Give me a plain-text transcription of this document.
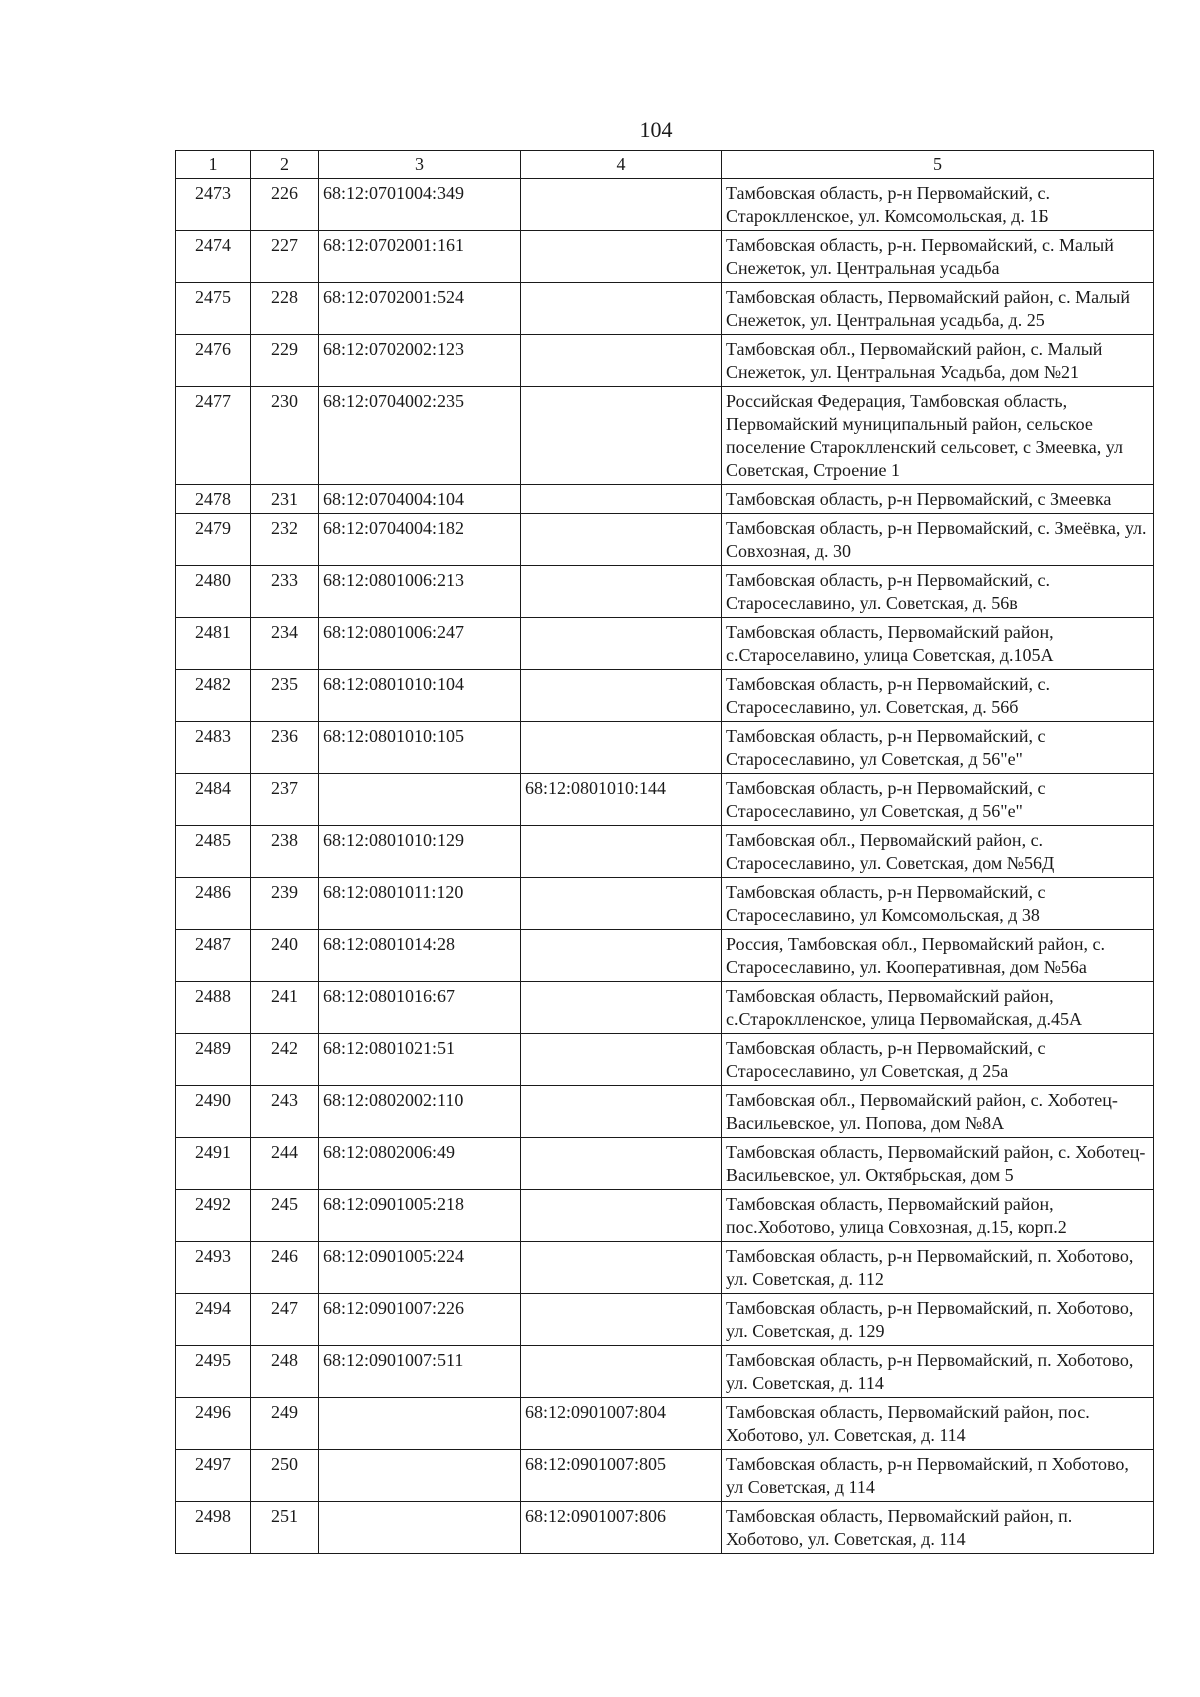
104
1	2	3	4	5
2473	226	68:12:0701004:349		Тамбовская область, р-н Первомайский, с. Староклленское, ул. Комсомольская, д. 1Б
2474	227	68:12:0702001:161		Тамбовская область, р-н. Первомайский, с. Малый Снежеток, ул. Центральная усадьба
2475	228	68:12:0702001:524		Тамбовская область, Первомайский район, с. Малый Снежеток, ул. Центральная усадьба, д. 25
2476	229	68:12:0702002:123		Тамбовская обл., Первомайский район, с. Малый Снежеток, ул. Центральная Усадьба, дом №21
2477	230	68:12:0704002:235		Российская Федерация, Тамбовская область, Первомайский муниципальный район, сельское поселение Староклленский сельсовет, с Змеевка, ул Советская, Строение 1
2478	231	68:12:0704004:104		Тамбовская область, р-н Первомайский, с Змеевка
2479	232	68:12:0704004:182		Тамбовская область, р-н Первомайский, с. Змеёвка, ул. Совхозная, д. 30
2480	233	68:12:0801006:213		Тамбовская область, р-н Первомайский, с. Старосеславино, ул. Советская, д. 56в
2481	234	68:12:0801006:247		Тамбовская область, Первомайский район, с.Староселавино, улица Советская, д.105А
2482	235	68:12:0801010:104		Тамбовская область, р-н Первомайский, с. Старосеславино, ул. Советская, д. 56б
2483	236	68:12:0801010:105		Тамбовская область, р-н Первомайский, с Старосеславино, ул Советская, д 56"е"
2484	237		68:12:0801010:144	Тамбовская область, р-н Первомайский, с Старосеславино, ул Советская, д 56"е"
2485	238	68:12:0801010:129		Тамбовская обл., Первомайский район, с. Старосеславино, ул. Советская, дом №56Д
2486	239	68:12:0801011:120		Тамбовская область, р-н Первомайский, с Старосеславино, ул Комсомольская, д 38
2487	240	68:12:0801014:28		Россия, Тамбовская обл., Первомайский район, с. Старосеславино, ул. Кооперативная, дом №56а
2488	241	68:12:0801016:67		Тамбовская область, Первомайский район, с.Староклленское, улица Первомайская, д.45А
2489	242	68:12:0801021:51		Тамбовская область, р-н Первомайский, с Старосеславино, ул Советская, д 25а
2490	243	68:12:0802002:110		Тамбовская обл., Первомайский район, с. Хоботец-Васильевское, ул. Попова, дом №8А
2491	244	68:12:0802006:49		Тамбовская область, Первомайский район, с. Хоботец-Васильевское, ул. Октябрьская, дом 5
2492	245	68:12:0901005:218		Тамбовская область, Первомайский район, пос.Хоботово, улица Совхозная, д.15, корп.2
2493	246	68:12:0901005:224		Тамбовская область, р-н Первомайский, п. Хоботово, ул. Советская, д. 112
2494	247	68:12:0901007:226		Тамбовская область, р-н Первомайский, п. Хоботово, ул. Советская, д. 129
2495	248	68:12:0901007:511		Тамбовская область, р-н Первомайский, п. Хоботово, ул. Советская, д. 114
2496	249		68:12:0901007:804	Тамбовская область, Первомайский район, пос. Хоботово, ул. Советская, д. 114
2497	250		68:12:0901007:805	Тамбовская область, р-н Первомайский, п Хоботово, ул Советская, д 114
2498	251		68:12:0901007:806	Тамбовская область, Первомайский район, п. Хоботово, ул. Советская, д. 114
